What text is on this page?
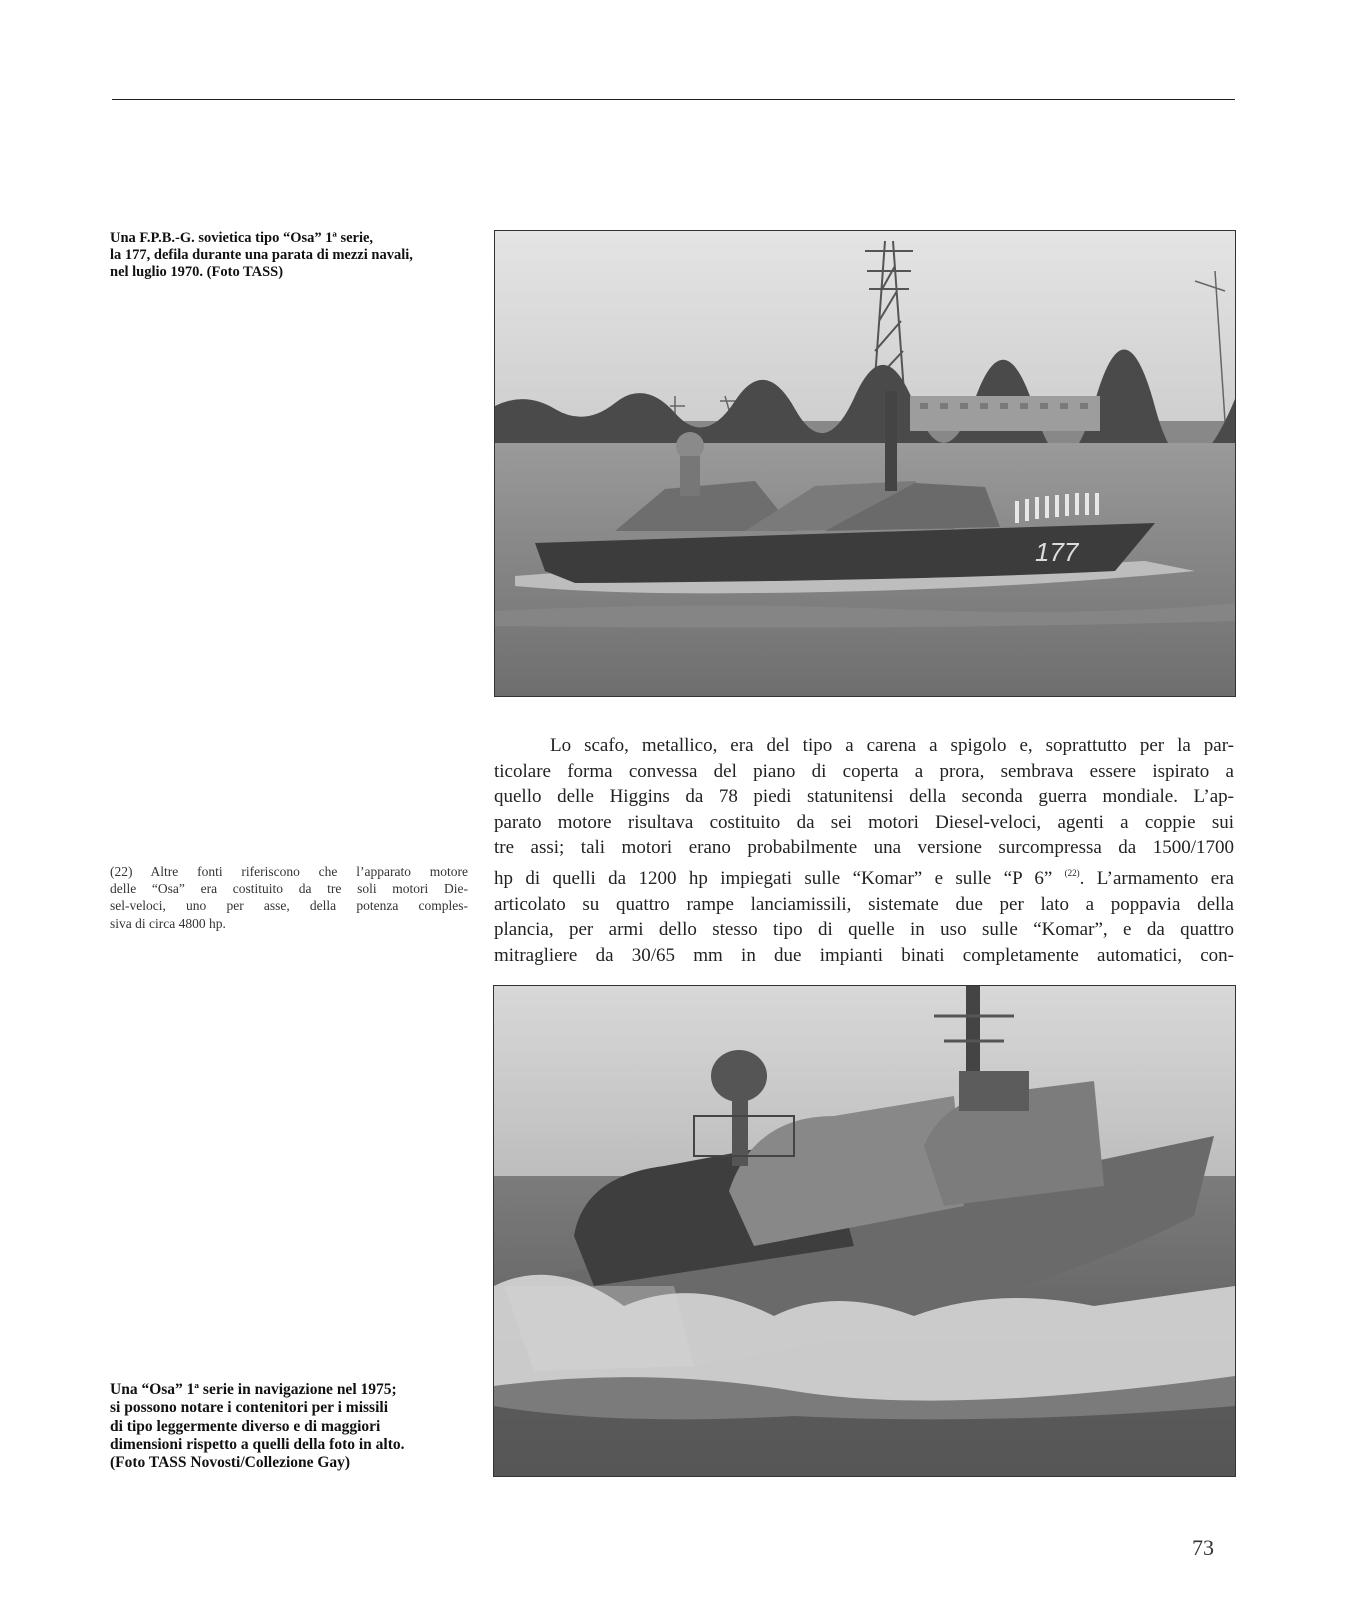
Una F.P.B.-G. sovietica tipo “Osa” 1ª serie,
la 177, defila durante una parata di mezzi navali,
nel luglio 1970. (Foto TASS)
177
Lo scafo, metallico, era del tipo a carena a spigolo e, soprattutto per la par-
ticolare forma convessa del piano di coperta a prora, sembrava essere ispirato a
quello delle Higgins da 78 piedi statunitensi della seconda guerra mondiale. L’ap-
parato motore risultava costituito da sei motori Diesel-veloci, agenti a coppie sui
tre assi; tali motori erano probabilmente una versione surcompressa da 1500/1700
hp di quelli da 1200 hp impiegati sulle “Komar” e sulle “P 6” $^{(22)}$. L’armamento era
articolato su quattro rampe lanciamissili, sistemate due per lato a poppavia della
plancia, per armi dello stesso tipo di quelle in uso sulle “Komar”, e da quattro
mitragliere da 30/65 mm in due impianti binati completamente automatici, con-
(22) Altre fonti riferiscono che l’apparato motore
delle “Osa” era costituito da tre soli motori Die-
sel-veloci, uno per asse, della potenza comples-
siva di circa 4800 hp.
Una “Osa” 1ª serie in navigazione nel 1975;
si possono notare i contenitori per i missili
di tipo leggermente diverso e di maggiori
dimensioni rispetto a quelli della foto in alto.
(Foto TASS Novosti/Collezione Gay)
73
